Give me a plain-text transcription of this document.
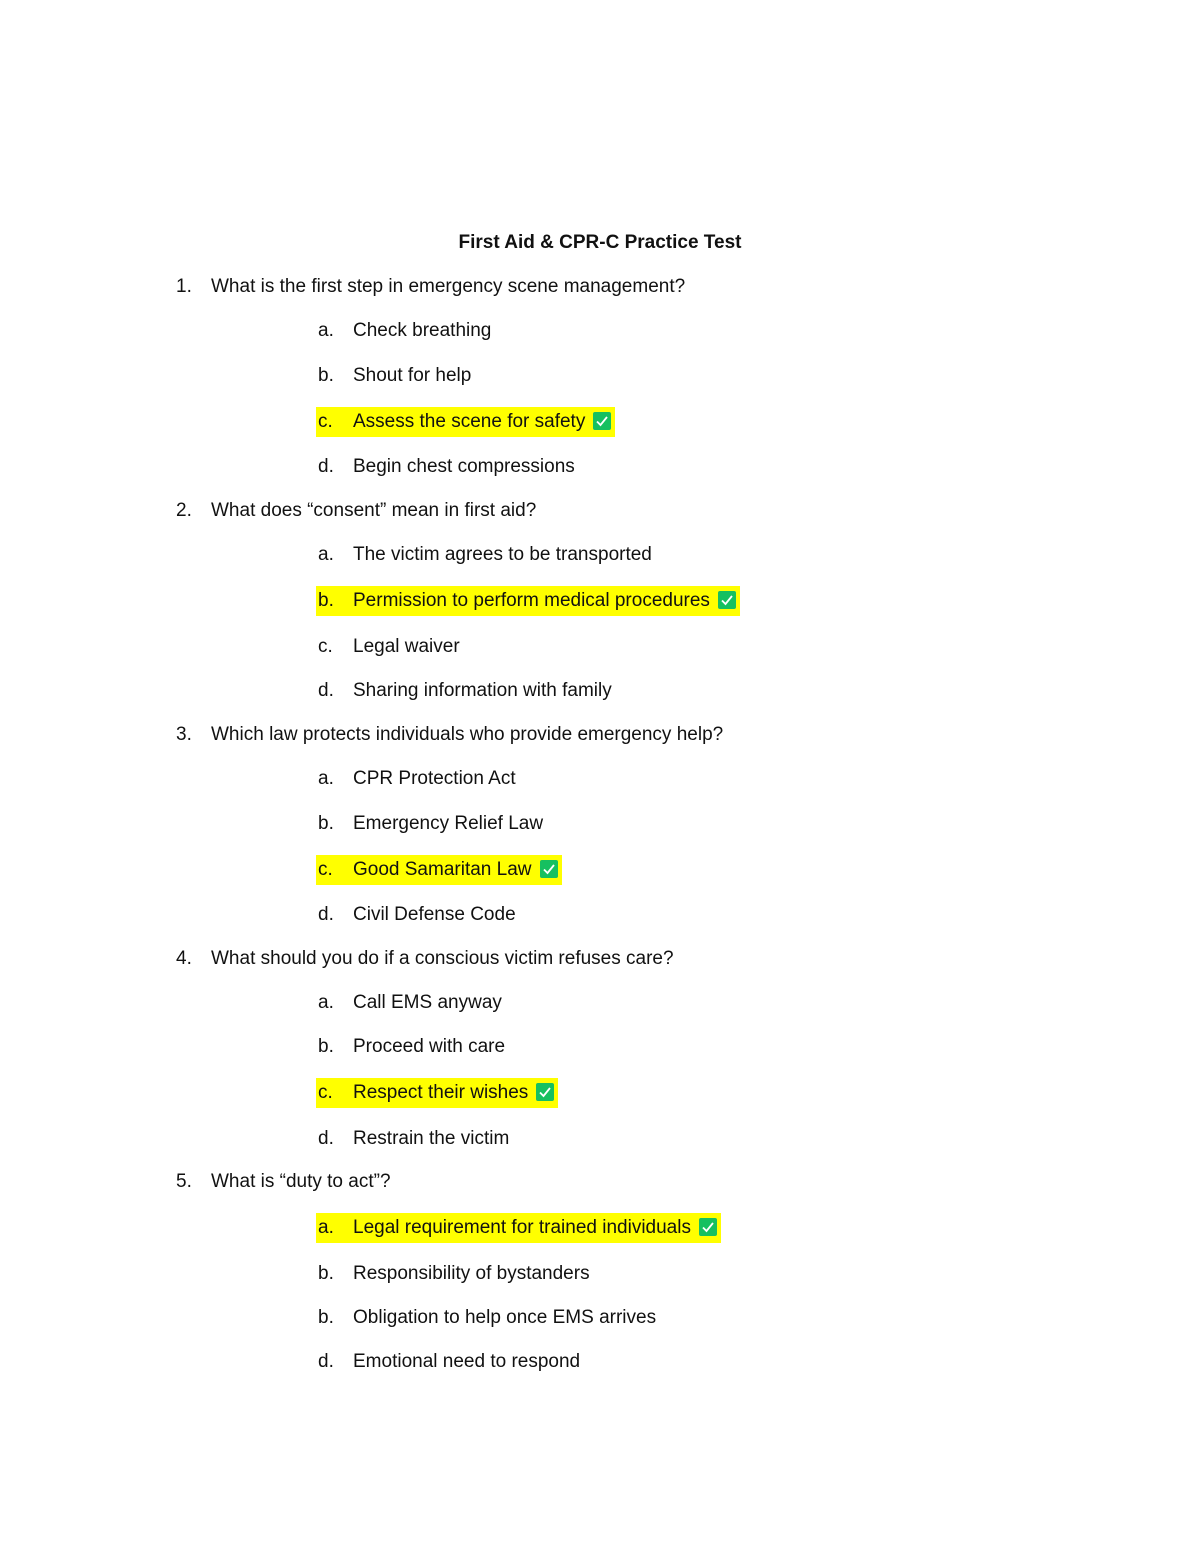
First Aid & CPR-C Practice Test
1. What is the first step in emergency scene management?
a. Check breathing
b. Shout for help
c. Assess the scene for safety
d. Begin chest compressions
2. What does “consent” mean in first aid?
a. The victim agrees to be transported
b. Permission to perform medical procedures
c. Legal waiver
d. Sharing information with family
3. Which law protects individuals who provide emergency help?
a. CPR Protection Act
b. Emergency Relief Law
c. Good Samaritan Law
d. Civil Defense Code
4. What should you do if a conscious victim refuses care?
a. Call EMS anyway
b. Proceed with care
c. Respect their wishes
d. Restrain the victim
5. What is “duty to act”?
a. Legal requirement for trained individuals
b. Responsibility of bystanders
b. Obligation to help once EMS arrives
d. Emotional need to respond
